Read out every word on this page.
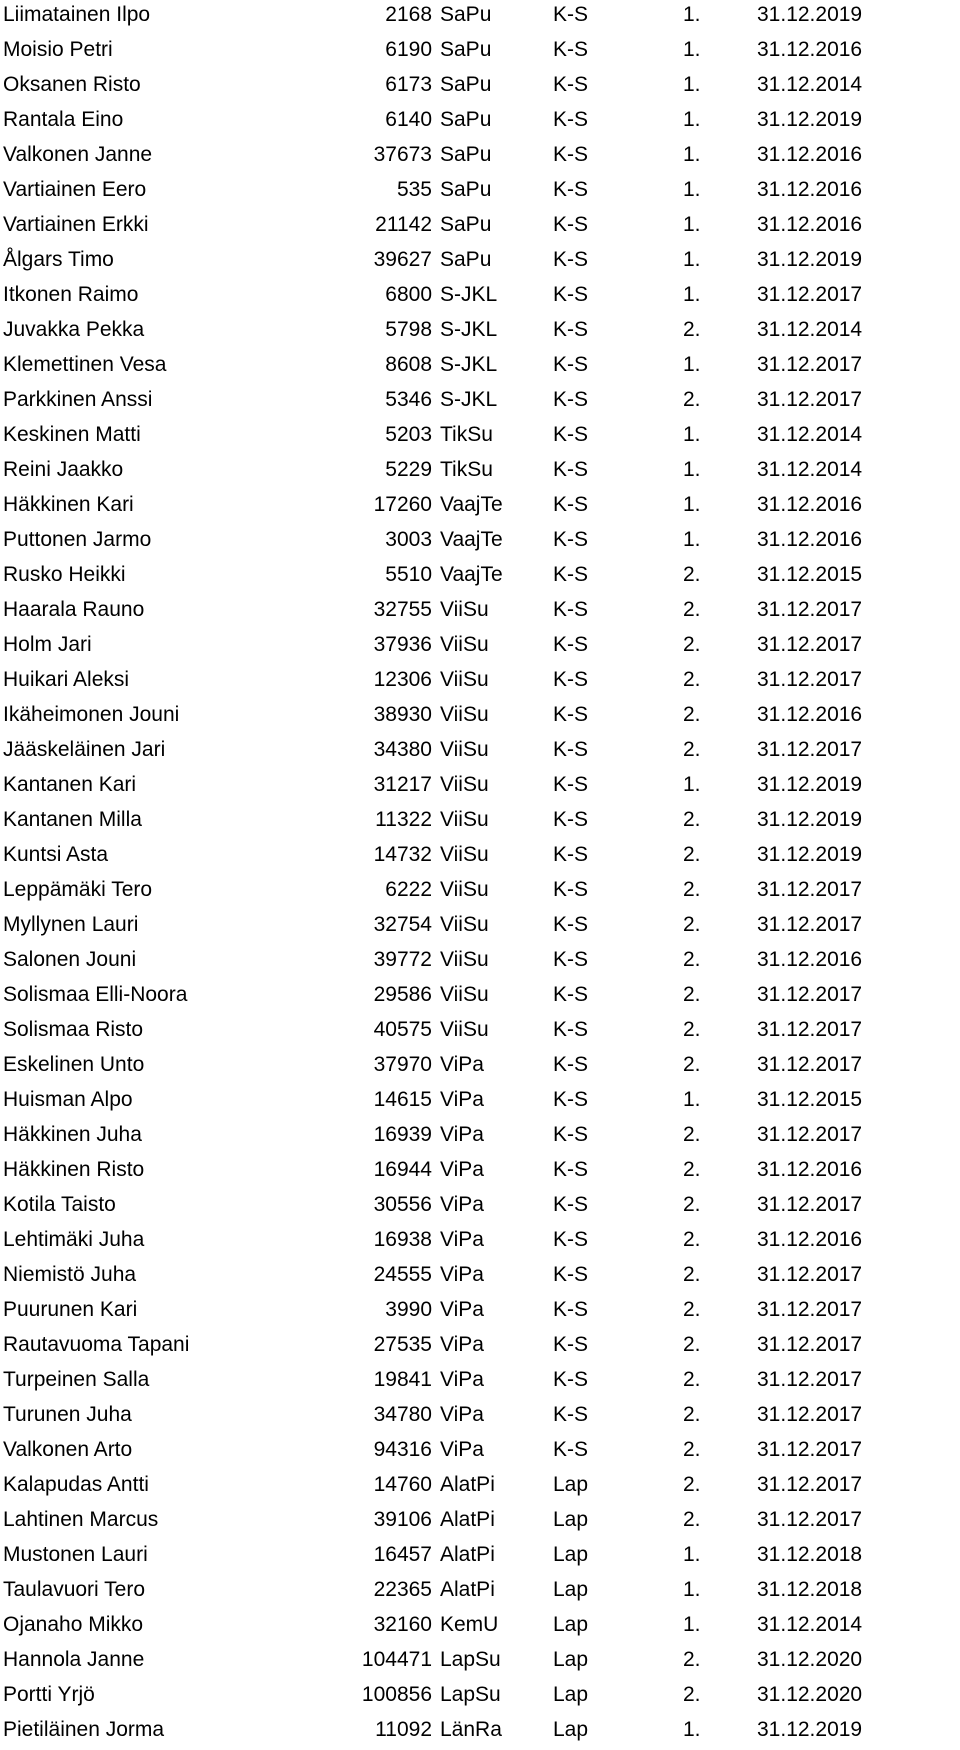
Liimatainen Ilpo	2168 SaPu	K-S	1.	31.12.2019
Moisio Petri	6190 SaPu	K-S	1.	31.12.2016
Oksanen Risto	6173 SaPu	K-S	1.	31.12.2014
Rantala Eino	6140 SaPu	K-S	1.	31.12.2019
Valkonen Janne	37673 SaPu	K-S	1.	31.12.2016
Vartiainen Eero	535 SaPu	K-S	1.	31.12.2016
Vartiainen Erkki	21142 SaPu	K-S	1.	31.12.2016
Ålgars Timo	39627 SaPu	K-S	1.	31.12.2019
Itkonen Raimo	6800 S-JKL	K-S	1.	31.12.2017
Juvakka Pekka	5798 S-JKL	K-S	2.	31.12.2014
Klemettinen Vesa	8608 S-JKL	K-S	1.	31.12.2017
Parkkinen Anssi	5346 S-JKL	K-S	2.	31.12.2017
Keskinen Matti	5203 TikSu	K-S	1.	31.12.2014
Reini Jaakko	5229 TikSu	K-S	1.	31.12.2014
Häkkinen Kari	17260 VaajTe K-S	1.	31.12.2016
Puttonen Jarmo	3003 VaajTe K-S	1.	31.12.2016
Rusko Heikki	5510 VaajTe K-S	2.	31.12.2015
Haarala Rauno	32755 ViiSu	K-S	2.	31.12.2017
Holm Jari	37936 ViiSu	K-S	2.	31.12.2017
Huikari Aleksi	12306 ViiSu	K-S	2.	31.12.2017
Ikäheimonen Jouni	38930 ViiSu	K-S	2.	31.12.2016
Jääskeläinen Jari	34380 ViiSu	K-S	2.	31.12.2017
Kantanen Kari	31217 ViiSu	K-S	1.	31.12.2019
Kantanen Milla	11322 ViiSu	K-S	2.	31.12.2019
Kuntsi Asta	14732 ViiSu	K-S	2.	31.12.2019
Leppämäki Tero	6222 ViiSu	K-S	2.	31.12.2017
Myllynen Lauri	32754 ViiSu	K-S	2.	31.12.2017
Salonen Jouni	39772 ViiSu	K-S	2.	31.12.2016
Solismaa Elli-Noora	29586 ViiSu	K-S	2.	31.12.2017
Solismaa Risto	40575 ViiSu	K-S	2.	31.12.2017
Eskelinen Unto	37970 ViPa	K-S	2.	31.12.2017
Huisman Alpo	14615 ViPa	K-S	1.	31.12.2015
Häkkinen Juha	16939 ViPa	K-S	2.	31.12.2017
Häkkinen Risto	16944 ViPa	K-S	2.	31.12.2016
Kotila Taisto	30556 ViPa	K-S	2.	31.12.2017
Lehtimäki Juha	16938 ViPa	K-S	2.	31.12.2016
Niemistö Juha	24555 ViPa	K-S	2.	31.12.2017
Puurunen Kari	3990 ViPa	K-S	2.	31.12.2017
Rautavuoma Tapani	27535 ViPa	K-S	2.	31.12.2017
Turpeinen Salla	19841 ViPa	K-S	2.	31.12.2017
Turunen Juha	34780 ViPa	K-S	2.	31.12.2017
Valkonen Arto	94316 ViPa	K-S	2.	31.12.2017
Kalapudas Antti	14760 AlatPi	Lap	2.	31.12.2017
Lahtinen Marcus	39106 AlatPi	Lap	2.	31.12.2017
Mustonen Lauri	16457 AlatPi	Lap	1.	31.12.2018
Taulavuori Tero	22365 AlatPi	Lap	1.	31.12.2018
Ojanaho Mikko	32160 KemU	Lap	1.	31.12.2014
Hannola Janne	104471 LapSu Lap	2.	31.12.2020
Portti Yrjö	100856 LapSu Lap	2.	31.12.2020
Pietiläinen Jorma	11092 LänRa Lap	1.	31.12.2019
